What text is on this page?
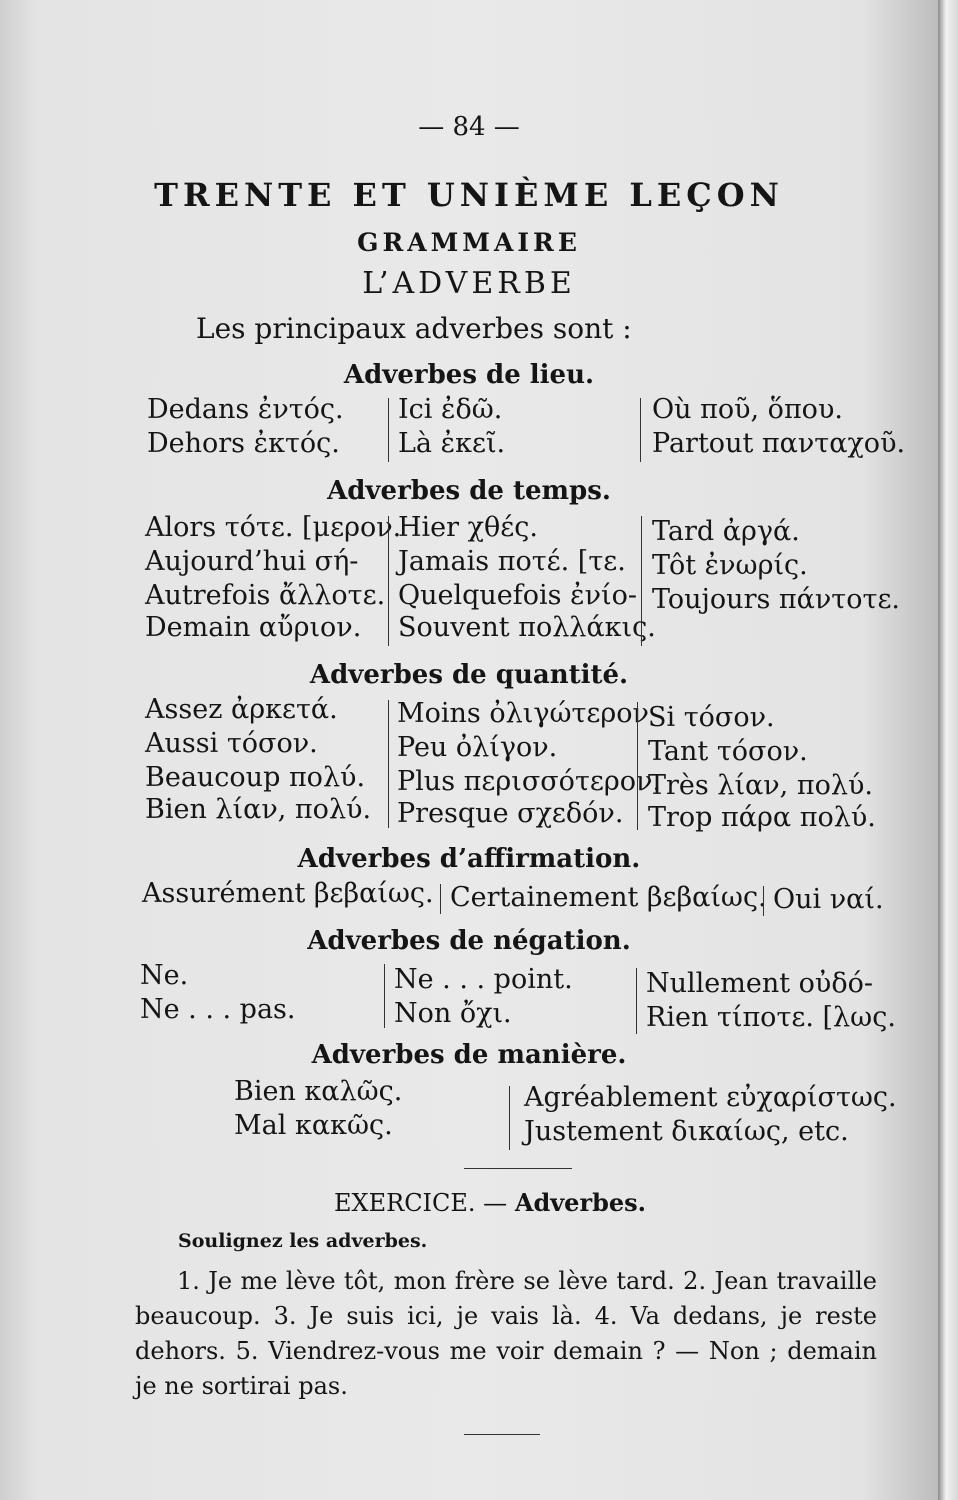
— 84 —
TRENTE ET UNIÈME LEÇON
GRAMMAIRE
L’ADVERBE
Les principaux adverbes sont :
Adverbes de lieu.
Dedans ἐντός.
Dehors ἐκτός.
Ici ἐδῶ.
Là ἐκεῖ.
Où ποῦ, ὅπου.
Partout πανταχοῦ.
Adverbes de temps.
Alors τότε. [μερον.
Aujourd’hui σή-
Autrefois ἄλλοτε.
Demain αὔριον.
Hier χθές.
Jamais ποτέ. [τε.
Quelquefois ἐνίο-
Souvent πολλάκις.
Tard ἀργά.
Tôt ἐνωρίς.
Toujours πάντοτε.
Adverbes de quantité.
Assez ἀρκετά.
Aussi τόσον.
Beaucoup πολύ.
Bien λίαν, πολύ.
Moins ὀλιγώτερον
Peu ὀλίγον.
Plus περισσότερον.
Presque σχεδόν.
Si τόσον.
Tant τόσον.
Très λίαν, πολύ.
Trop πάρα πολύ.
Adverbes d’affirmation.
Assurément βεβαίως. Certainement βεβαίως. Oui ναί.
Adverbes de négation.
Ne.
Ne . . . pas.
Ne . . . point.
Non ὄχι.
Nullement οὐδό-
Rien τίποτε. [λως.
Adverbes de manière.
Bien καλῶς.
Mal κακῶς.
Agréablement εὐχαρίστως.
Justement δικαίως, etc.
EXERCICE. — Adverbes.
Soulignez les adverbes.
1. Je me lève tôt, mon frère se lève tard. 2. Jean travaille beaucoup. 3. Je suis ici, je vais là. 4. Va dedans, je reste dehors. 5. Viendrez-vous me voir demain ? — Non ; demain je ne sortirai pas.
